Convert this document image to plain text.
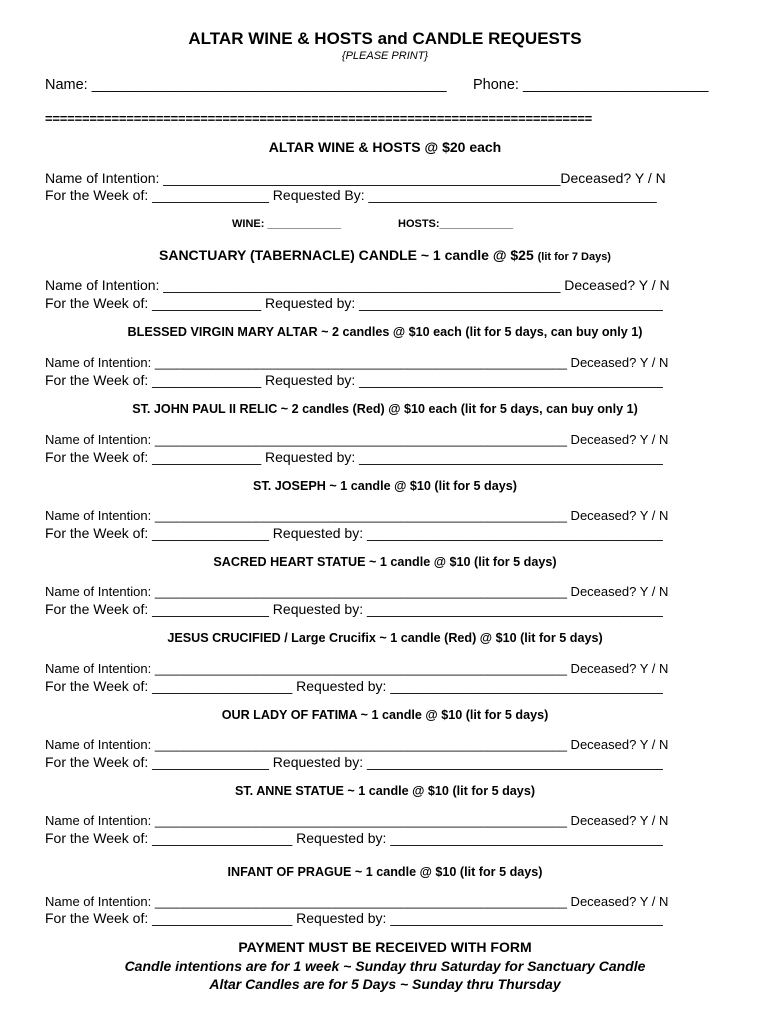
ALTAR WINE & HOSTS and CANDLE REQUESTS
{PLEASE PRINT}
Name: ____________________________________________ Phone: _______________________
==========================================================================
ALTAR WINE & HOSTS @ $20 each
Name of Intention: ___________________________________________________Deceased? Y / N
For the Week of: _______________ Requested By: _____________________________________
WINE: ____________	HOSTS:____________
SANCTUARY (TABERNACLE) CANDLE ~ 1 candle @ $25 (lit for 7 Days)
Name of Intention: ___________________________________________________ Deceased? Y / N
For the Week of: ______________ Requested by: _______________________________________
BLESSED VIRGIN MARY ALTAR ~ 2 candles @ $10 each (lit for 5 days, can buy only 1)
Name of Intention: _________________________________________________________ Deceased? Y / N
For the Week of: ______________ Requested by: _______________________________________
ST. JOHN PAUL II RELIC ~ 2 candles (Red) @ $10 each (lit for 5 days, can buy only 1)
Name of Intention: _________________________________________________________ Deceased? Y / N
For the Week of: ______________ Requested by: _______________________________________
ST. JOSEPH ~ 1 candle @ $10 (lit for 5 days)
Name of Intention: _________________________________________________________ Deceased? Y / N
For the Week of: _______________ Requested by: ______________________________________
SACRED HEART STATUE ~ 1 candle @ $10 (lit for 5 days)
Name of Intention: _________________________________________________________ Deceased? Y / N
For the Week of: _______________ Requested by: ______________________________________
JESUS CRUCIFIED / Large Crucifix ~ 1 candle (Red) @ $10 (lit for 5 days)
Name of Intention: _________________________________________________________ Deceased? Y / N
For the Week of: __________________ Requested by: ___________________________________
OUR LADY OF FATIMA ~ 1 candle @ $10 (lit for 5 days)
Name of Intention: _________________________________________________________ Deceased? Y / N
For the Week of: _______________ Requested by: ______________________________________
ST. ANNE STATUE ~ 1 candle @ $10 (lit for 5 days)
Name of Intention: _________________________________________________________ Deceased? Y / N
For the Week of: __________________ Requested by: ___________________________________
INFANT OF PRAGUE ~ 1 candle @ $10 (lit for 5 days)
Name of Intention: _________________________________________________________ Deceased? Y / N
For the Week of: __________________ Requested by: ___________________________________
PAYMENT MUST BE RECEIVED WITH FORM
Candle intentions are for 1 week ~ Sunday thru Saturday for Sanctuary Candle
Altar Candles are for 5 Days ~ Sunday thru Thursday
